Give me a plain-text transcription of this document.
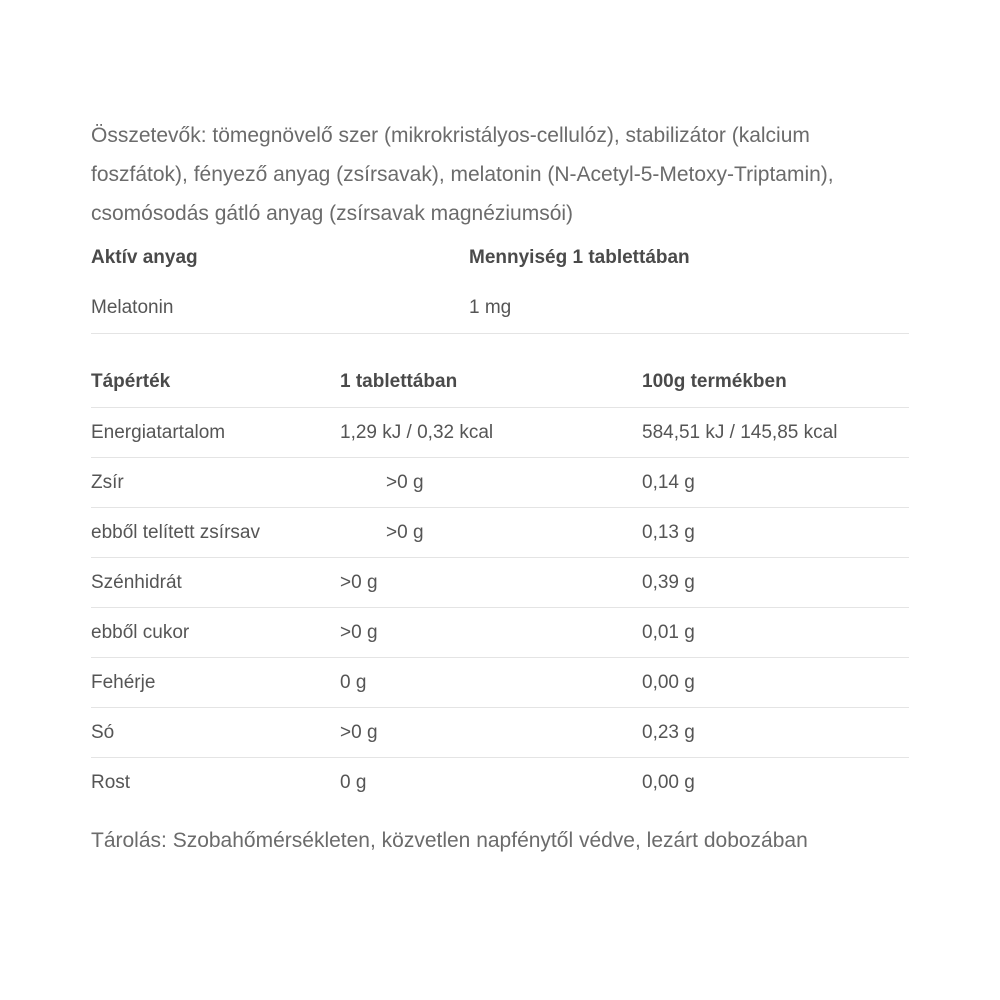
Összetevők: tömegnövelő szer (mikrokristályos-cellulóz), stabilizátor (kalcium foszfátok), fényező anyag (zsírsavak), melatonin (N-Acetyl-5-Metoxy-Triptamin), csomósodás gátló anyag (zsírsavak magnéziumsói)

Aktív anyag	Mennyiség 1 tablettában
Melatonin	1 mg
Tápérték	1 tablettában	100g termékben
Energiatartalom	1,29 kJ / 0,32 kcal	584,51 kJ / 145,85 kcal
Zsír	>0 g	0,14 g
ebből telített zsírsav	>0 g	0,13 g
Szénhidrát	>0 g	0,39 g
ebből cukor	>0 g	0,01 g
Fehérje	0 g	0,00 g
Só	>0 g	0,23 g
Rost	0 g	0,00 g

Tárolás: Szobahőmérsékleten, közvetlen napfénytől védve, lezárt dobozában
